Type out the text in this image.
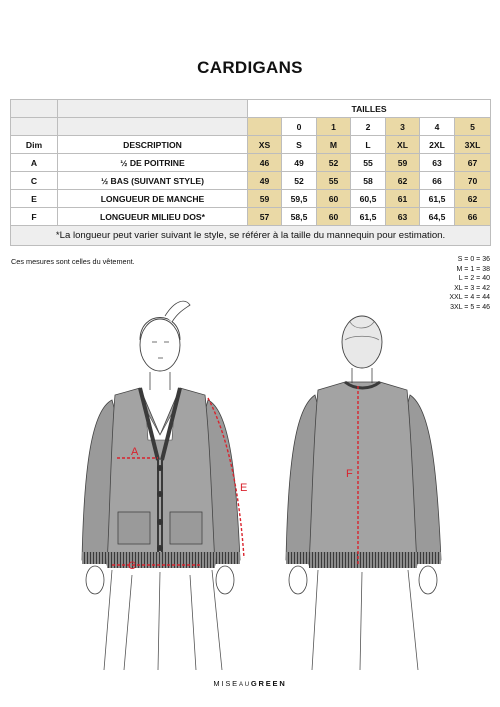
CARDIGANS
		TAILLES						
			0	1	2	3	4	5
Dim	DESCRIPTION	XS	S	M	L	XL	2XL	3XL
A	½ DE POITRINE	46	49	52	55	59	63	67
C	½ BAS (SUIVANT STYLE)	49	52	55	58	62	66	70
E	LONGUEUR DE MANCHE	59	59,5	60	60,5	61	61,5	62
F	LONGUEUR MILIEU DOS*	57	58,5	60	61,5	63	64,5	66
*La longueur peut varier suivant le style, se référer à la taille du mannequin pour estimation.								
Ces mesures sont celles du vêtement.	S = 0 = 36
M = 1 = 38
L = 2 = 40
XL = 3 = 42
XXL = 4 = 44
3XL = 5 = 46
A
C
E
F
MISEAUGREEN
